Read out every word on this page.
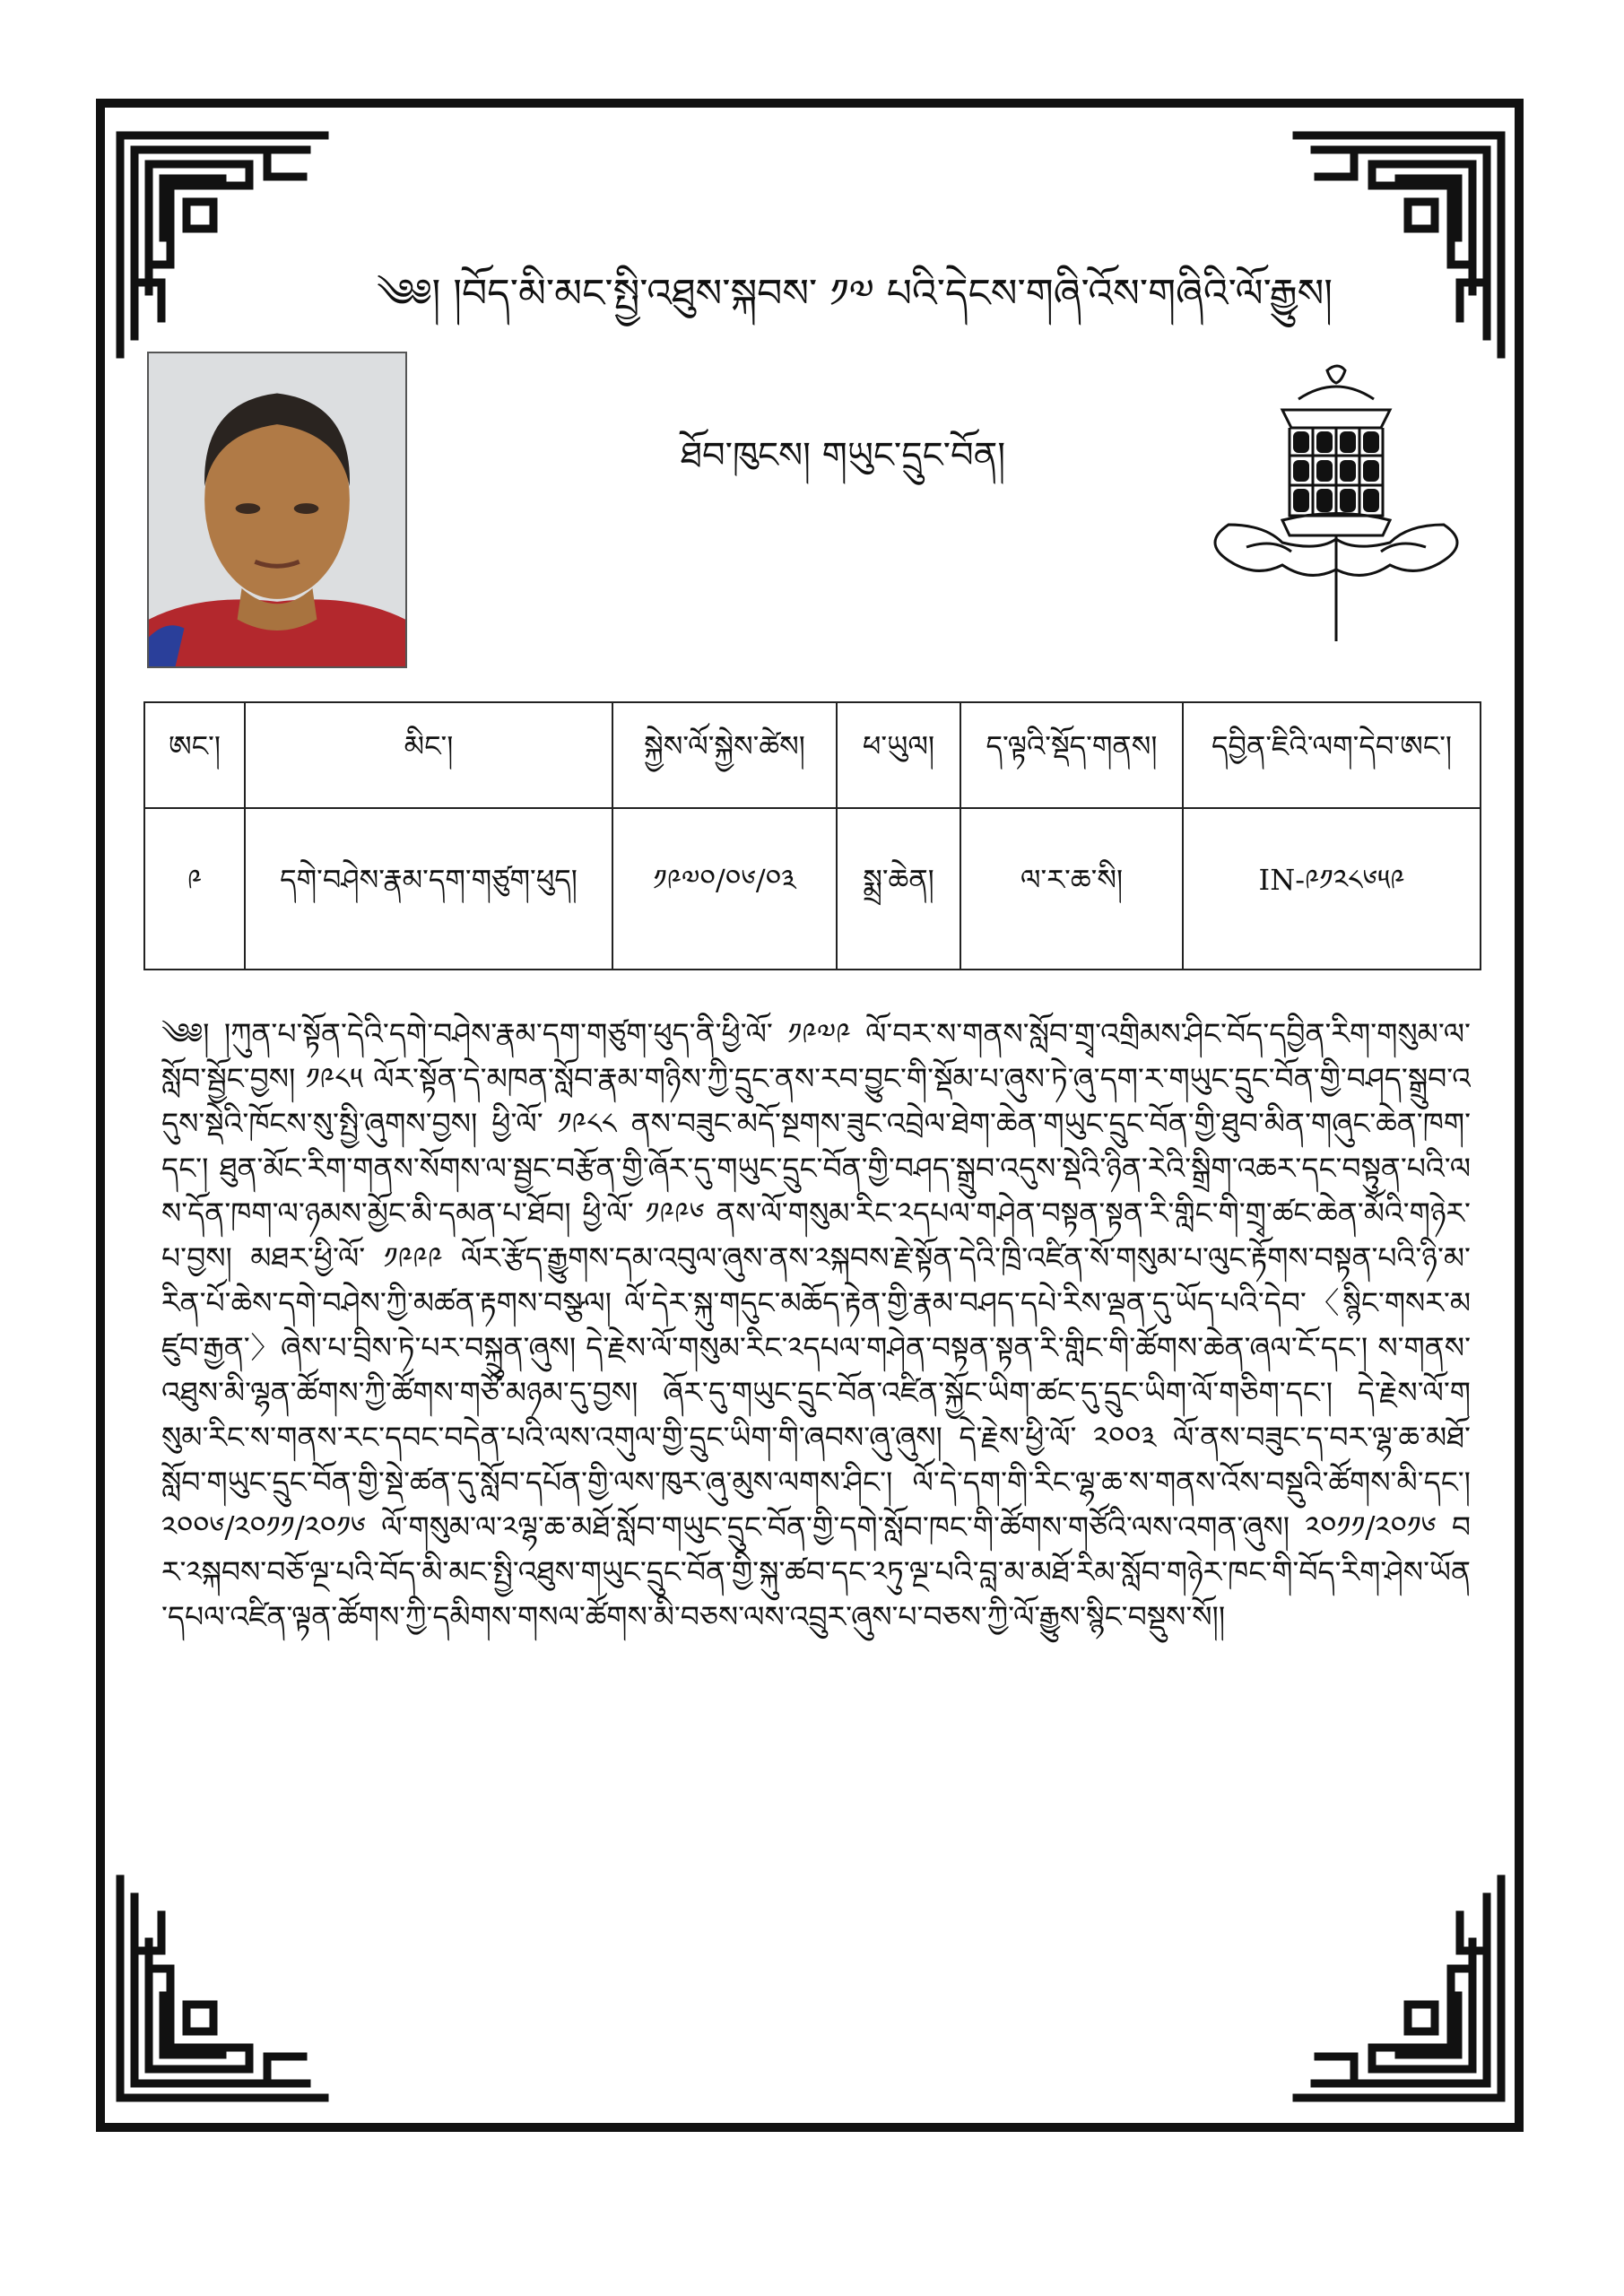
༄༅། །བོད་མི་མང་སྤྱི་འཐུས་སྐབས་ ༡༧ པའི་དེངས་གཞི་འོས་གཞིའི་ལོ་རྒྱུས།
ཐོབ་ཁུངས། གཡུང་དྲུང་བོན།
ཨང་།	མིང་།	སྐྱེས་ལོ་སྐྱེས་ཚེས།	ཕ་ཡུལ།	ད་ལྟའི་སྡོད་གནས།	དབྱིན་ཇིའི་ལག་དེབ་ཨང་།
༩	དགེ་བཤེས་རྣམ་དག་གཙུག་ཕུད།	༡༩༧༠/༠༦/༠༣	སྨྲ་ཆེན།	ལ་ར་ཆ་སི།	IN-༩༡༢༨༦༥༩
༄༅། །ཀུན་པ་སྟོན་དེའི་དགེ་བཤེས་རྣམ་དག་གཙུག་ཕུད་ནི་ཕྱི་ལོ་ ༡༩༧༩ ལོ་བར་ས་གནས་སློབ་གྲྭ་འགྲིམས་ཤིང་བོད་དབྱིན་རིག་གསུམ་ལ་སློབ་སྦྱོང་བྱས། ༡༩༨༥ ལོར་སྟོན་དེ་མཁན་སློབ་རྣམ་གཉིས་ཀྱི་དྲུང་ནས་རབ་བྱུང་གི་སྡོམ་པ་ཞུས་ཏེ་ཞུ་དག་ར་གཡུང་དྲུང་བོན་གྱི་བཤད་སྒྲུབ་འདུས་སྡེའི་ཁོངས་སུ་སྤྱི་ཞུགས་བྱས། ཕྱི་ལོ་ ༡༩༨༨ ནས་བཟུང་མདོ་སྔགས་ཟུང་འབྲེལ་ཐེག་ཆེན་གཡུང་དྲུང་བོན་གྱི་ཐུབ་མིན་གཞུང་ཆེན་ཁག་དང་། ཐུན་མོང་རིག་གནས་སོགས་ལ་སྦྱང་བརྩོན་གྱི་ཞོར་དུ་གཡུང་དྲུང་བོན་གྱི་བཤད་སྒྲུབ་འདུས་སྡེའི་ཉིན་རེའི་སྒྲིག་འཆར་དང་བསྟུན་པའི་ལས་དོན་ཁག་ལ་ཉམས་མྱོང་མི་དམན་པ་ཐོབ། ཕྱི་ལོ་ ༡༩༩༦ ནས་ལོ་གསུམ་རིང་༢དཔལ་གཤེན་བསྟན་སྟན་རི་གླིང་གི་གྲྭ་ཚང་ཆེན་མོའི་གཉེར་པ་བྱས། མཐར་ཕྱི་ལོ་ ༡༩༩༩ ལོར་རྩོད་རྒྱུགས་དམ་འབུལ་ཞུས་ནས་༢སྐབས་རྗེ་སྟོན་དེའི་ཁྲི་འཛིན་སོ་གསུམ་པ་ལུང་རྟོགས་བསྟན་པའི་ཉི་མ་རིན་པོ་ཆེས་དགེ་བཤེས་ཀྱི་མཚན་རྟགས་བསྩལ། ལོ་དེར་སྐུ་གདུང་མཆོད་རྟེན་གྱི་རྣམ་བཤད་དཔེ་རིས་ལྡན་དུ་ཡོད་པའི་དེབ་〈སྙིང་གསར་མཛུབ་རྒྱན་〉ཞེས་པ་བྲིས་ཏེ་པར་བསྐྲུན་ཞུས། དེ་རྗེས་ལོ་གསུམ་རིང་༢དཔལ་གཤེན་བསྟན་སྟན་རི་གླིང་གི་ཚོགས་ཆེན་ཞལ་ངོ་དང་། ས་གནས་འཐུས་མི་ལྷན་ཚོགས་ཀྱི་ཚོགས་གཙོ་མཉམ་དུ་བྱས། ཞོར་དུ་གཡུང་དྲུང་བོན་འཛིན་སྐྱོང་ཡིག་ཚང་དུ་དྲུང་ཡིག་ལོ་གཅིག་དང་། དེ་རྗེས་ལོ་གསུམ་རིང་ས་གནས་རང་དབང་བདེན་པའི་ལས་འགུལ་གྱི་དྲུང་ཡིག་གི་ཞབས་ཞུ་ཞུས། དེ་རྗེས་ཕྱི་ལོ་ ༢༠༠༣ ལོ་ནས་བཟུང་ད་བར་ལྷ་ཆ་མཐོ་སློབ་གཡུང་དྲུང་བོན་གྱི་སྡེ་ཚན་དུ་སློབ་དཔོན་གྱི་ལས་ཁུར་ཞུ་མུས་ལགས་ཤིང་། ལོ་དེ་དག་གི་རིང་ལྷ་ཆ་ས་གནས་འོས་བསྡུའི་ཚོགས་མི་དང་། ༢༠༠༦/༢༠༡༡/༢༠༡༦ ལོ་གསུམ་ལ་༢ལྷ་ཆ་མཐོ་སློབ་གཡུང་དྲུང་བོན་གྱི་དགེ་སློབ་ཁང་གི་ཚོགས་གཙོའི་ལས་འགན་ཞུས། ༢༠༡༡/༢༠༡༦ བར་༢སྐབས་བཅོ་ལྔ་པའི་བོད་མི་མང་སྤྱི་འཐུས་གཡུང་དྲུང་བོན་གྱི་སྐུ་ཚབ་དང་༢ཏུ་ལྔ་པའི་བླ་མ་མཐོ་རིམ་སློབ་གཉེར་ཁང་གི་བོད་རིག་ཤེས་ཡོན་དཔལ་འཛིན་ལྟན་ཚོགས་ཀྱི་དམིགས་གསལ་ཚོགས་མི་བཅས་ལས་འབྲུར་ཞུས་པ་བཅས་ཀྱི་ལོ་རྒྱུས་སྙིང་བསྡུས་སོ།།
